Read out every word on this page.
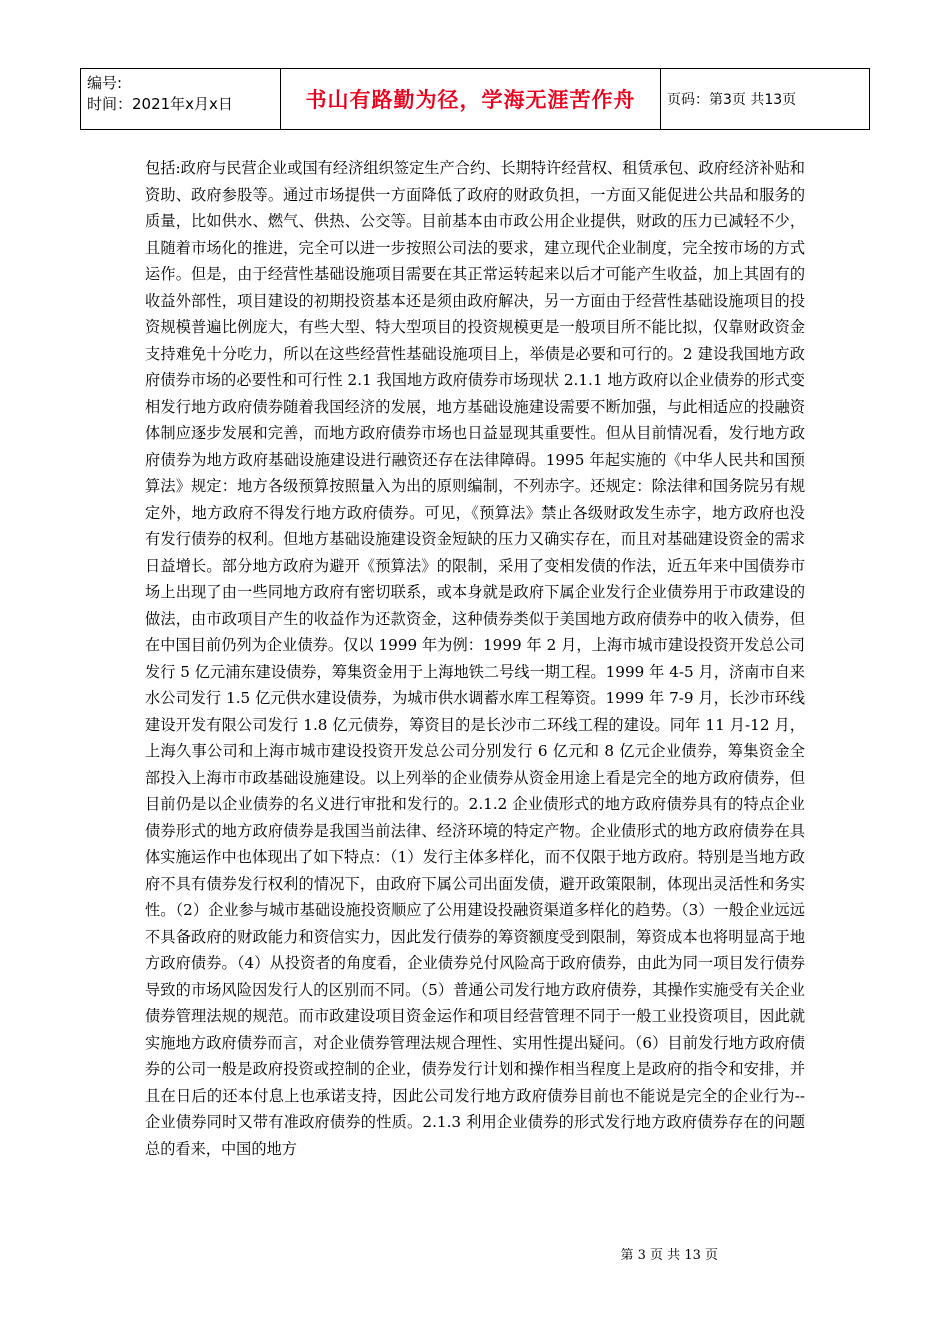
编号:
时间：2021年x月x日	书山有路勤为径，学海无涯苦作舟	页码：第3页 共13页
包括:政府与民营企业或国有经济组织签定生产合约、长期特许经营权、租赁承包、政府经济补贴和资助、政府参股等。通过市场提供一方面降低了政府的财政负担，一方面又能促进公共品和服务的质量，比如供水、燃气、供热、公交等。目前基本由市政公用企业提供，财政的压力已减轻不少，且随着市场化的推进，完全可以进一步按照公司法的要求，建立现代企业制度，完全按市场的方式运作。但是，由于经营性基础设施项目需要在其正常运转起来以后才可能产生收益，加上其固有的收益外部性，项目建设的初期投资基本还是须由政府解决，另一方面由于经营性基础设施项目的投资规模普遍比例庞大，有些大型、特大型项目的投资规模更是一般项目所不能比拟，仅靠财政资金支持难免十分吃力，所以在这些经营性基础设施项目上，举债是必要和可行的。2 建设我国地方政府债券市场的必要性和可行性 2.1 我国地方政府债券市场现状 2.1.1 地方政府以企业债券的形式变相发行地方政府债券随着我国经济的发展，地方基础设施建设需要不断加强，与此相适应的投融资体制应逐步发展和完善，而地方政府债券市场也日益显现其重要性。但从目前情况看，发行地方政府债券为地方政府基础设施建设进行融资还存在法律障碍。1995 年起实施的《中华人民共和国预算法》规定：地方各级预算按照量入为出的原则编制，不列赤字。还规定：除法律和国务院另有规定外，地方政府不得发行地方政府债券。可见，《预算法》禁止各级财政发生赤字，地方政府也没有发行债券的权利。但地方基础设施建设资金短缺的压力又确实存在，而且对基础建设资金的需求日益增长。部分地方政府为避开《预算法》的限制，采用了变相发债的作法，近五年来中国债券市场上出现了由一些同地方政府有密切联系，或本身就是政府下属企业发行企业债券用于市政建设的做法，由市政项目产生的收益作为还款资金，这种债券类似于美国地方政府债券中的收入债券，但在中国目前仍列为企业债券。仅以 1999 年为例：1999 年 2 月，上海市城市建设投资开发总公司发行 5 亿元浦东建设债券，筹集资金用于上海地铁二号线一期工程。1999 年 4-5 月，济南市自来水公司发行 1.5 亿元供水建设债券，为城市供水调蓄水库工程筹资。1999 年 7-9 月，长沙市环线建设开发有限公司发行 1.8 亿元债券，筹资目的是长沙市二环线工程的建设。同年 11 月-12 月，上海久事公司和上海市城市建设投资开发总公司分别发行 6 亿元和 8 亿元企业债券，筹集资金全部投入上海市市政基础设施建设。以上列举的企业债券从资金用途上看是完全的地方政府债券，但目前仍是以企业债券的名义进行审批和发行的。2.1.2 企业债形式的地方政府债券具有的特点企业债券形式的地方政府债券是我国当前法律、经济环境的特定产物。企业债形式的地方政府债券在具体实施运作中也体现出了如下特点：（1）发行主体多样化，而不仅限于地方政府。特别是当地方政府不具有债券发行权利的情况下，由政府下属公司出面发债，避开政策限制，体现出灵活性和务实性。（2）企业参与城市基础设施投资顺应了公用建设投融资渠道多样化的趋势。（3）一般企业远远不具备政府的财政能力和资信实力，因此发行债券的筹资额度受到限制，筹资成本也将明显高于地方政府债券。（4）从投资者的角度看，企业债券兑付风险高于政府债券，由此为同一项目发行债券导致的市场风险因发行人的区别而不同。（5）普通公司发行地方政府债券，其操作实施受有关企业债券管理法规的规范。而市政建设项目资金运作和项目经营管理不同于一般工业投资项目，因此就实施地方政府债券而言，对企业债券管理法规合理性、实用性提出疑问。（6）目前发行地方政府债券的公司一般是政府投资或控制的企业，债券发行计划和操作相当程度上是政府的指令和安排，并且在日后的还本付息上也承诺支持，因此公司发行地方政府债券目前也不能说是完全的企业行为--企业债券同时又带有准政府债券的性质。2.1.3 利用企业债券的形式发行地方政府债券存在的问题总的看来，中国的地方
第 3 页 共 13 页
